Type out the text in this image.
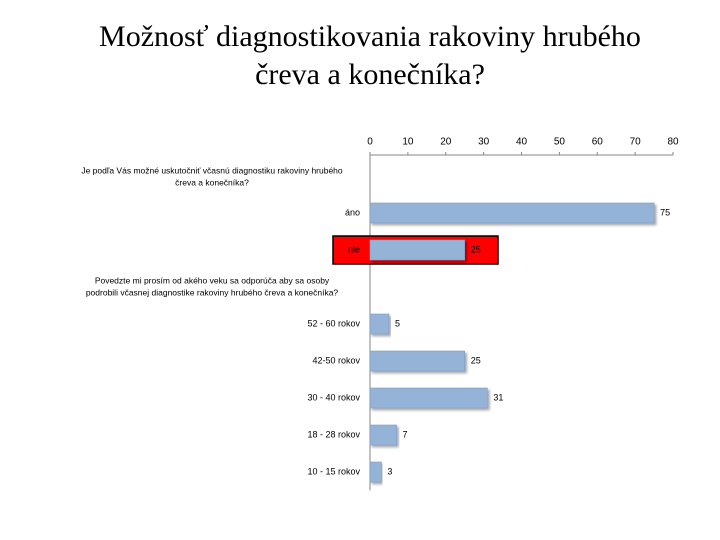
Možnosť diagnostikovania rakoviny hrubého
čreva a konečníka?
0	10	20	30	40	50	60	70	80
Je podľa Vás možné uskutočniť včasnú diagnostiku rakoviny hrubého
čreva a konečníka?
áno	75
nie	25
Povedzte mi prosím od akého veku sa odporúča aby sa osoby
podrobili včasnej diagnostike rakoviny hrubého čreva a konečníka?
52 - 60 rokov	5
42-50 rokov	25
30 - 40 rokov	31
18 - 28 rokov	7
10 - 15 rokov	3
